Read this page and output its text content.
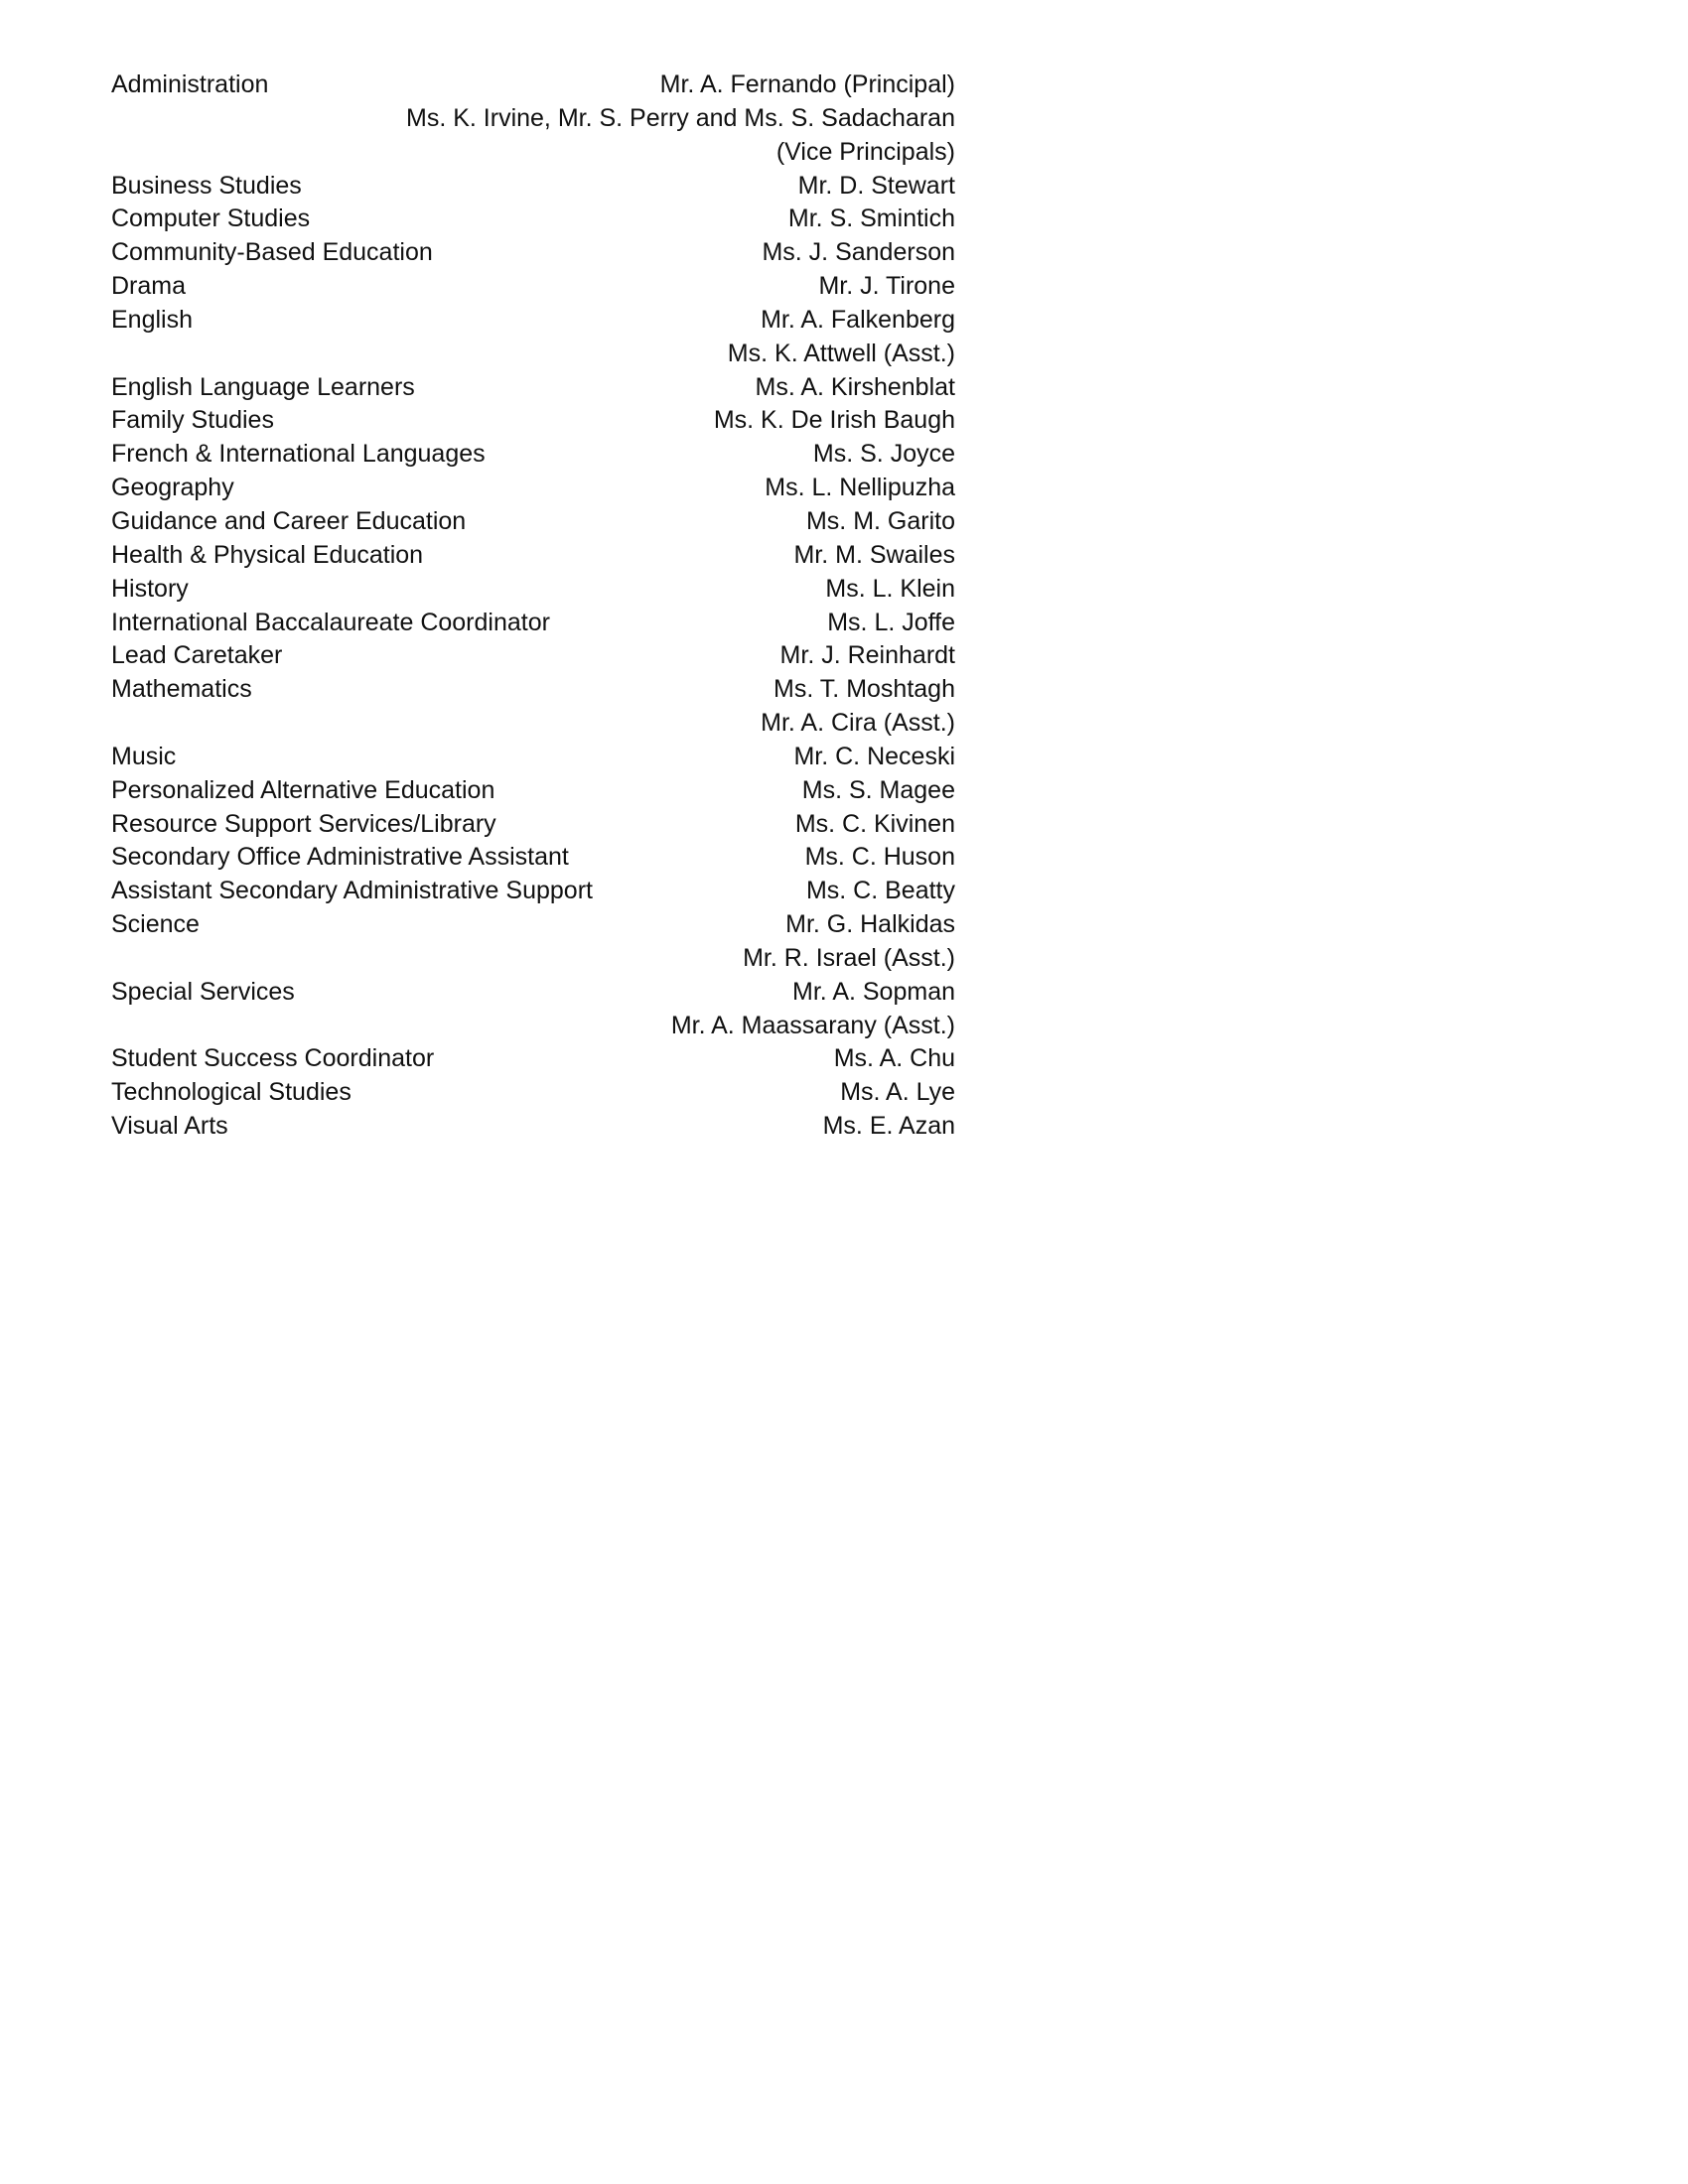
Administration	Mr. A. Fernando (Principal)
Ms. K. Irvine, Mr. S. Perry and Ms. S. Sadacharan
(Vice Principals)
Business Studies	Mr. D. Stewart
Computer Studies	Mr. S. Smintich
Community-Based Education	Ms. J. Sanderson
Drama	Mr. J. Tirone
English	Mr. A. Falkenberg
Ms. K. Attwell (Asst.)
English Language Learners	Ms. A. Kirshenblat
Family Studies	Ms. K. De Irish Baugh
French & International Languages	Ms. S. Joyce
Geography	Ms. L. Nellipuzha
Guidance and Career Education	Ms. M. Garito
Health & Physical Education	Mr. M. Swailes
History	Ms. L. Klein
International Baccalaureate Coordinator	Ms. L. Joffe
Lead Caretaker	Mr. J. Reinhardt
Mathematics	Ms. T. Moshtagh
Mr. A. Cira (Asst.)
Music	Mr. C. Neceski
Personalized Alternative Education	Ms. S. Magee
Resource Support Services/Library	Ms. C. Kivinen
Secondary Office Administrative Assistant	Ms. C. Huson
Assistant Secondary Administrative Support	Ms. C. Beatty
Science	Mr. G. Halkidas
Mr. R. Israel (Asst.)
Special Services	Mr. A. Sopman
Mr. A. Maassarany (Asst.)
Student Success Coordinator	Ms. A. Chu
Technological Studies	Ms. A. Lye
Visual Arts	Ms. E. Azan
